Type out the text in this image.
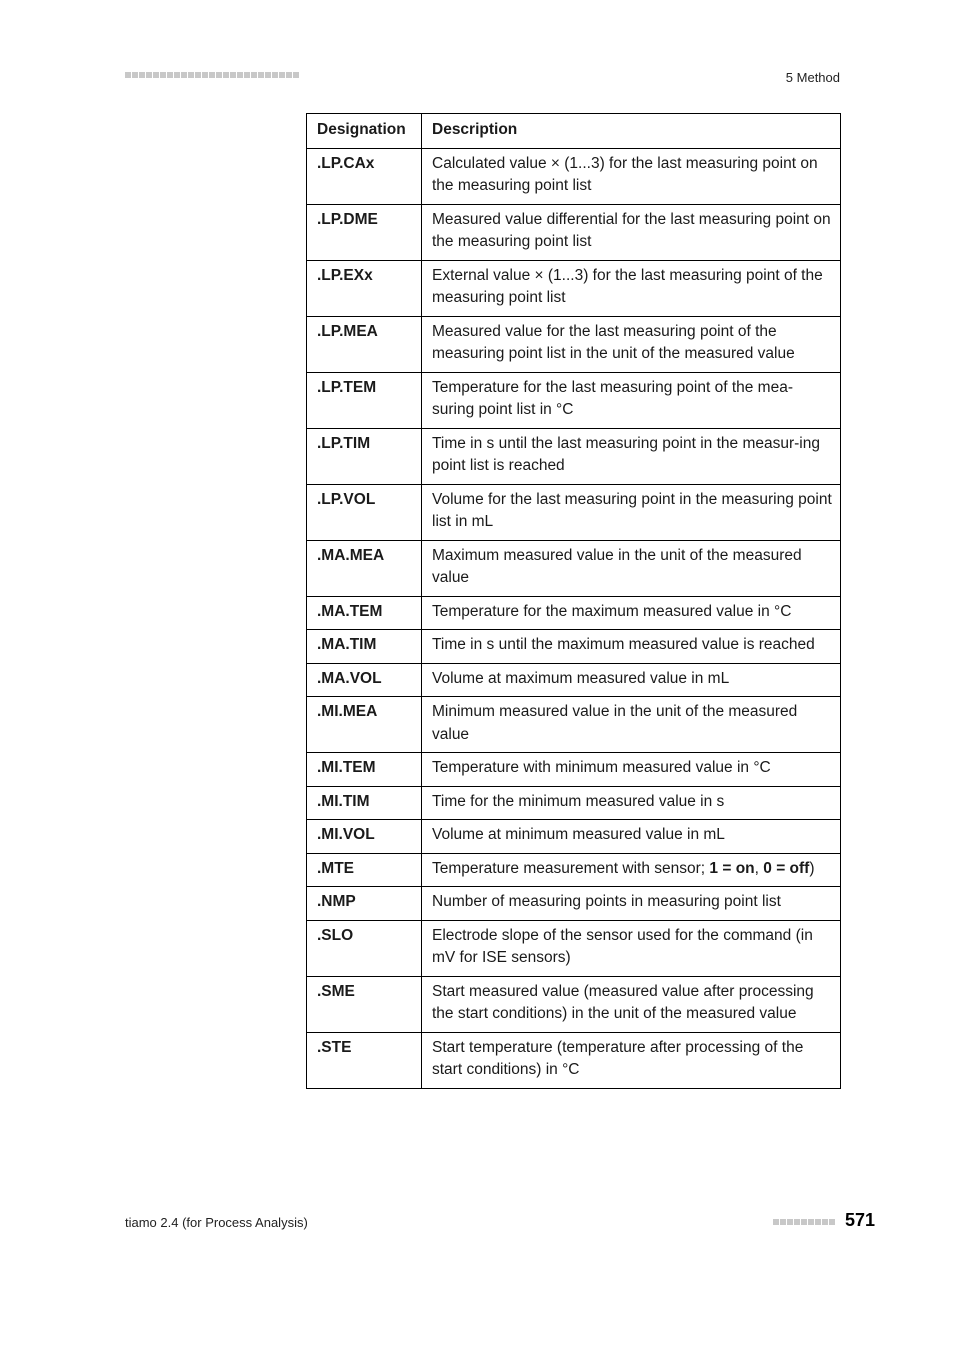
5 Method
Designation	Description
.LP.CAx	Calculated value × (1...3) for the last measuring point on the measuring point list
.LP.DME	Measured value differential for the last measuring point on the measuring point list
.LP.EXx	External value × (1...3) for the last measuring point of the measuring point list
.LP.MEA	Measured value for the last measuring point of the measuring point list in the unit of the measured value
.LP.TEM	Temperature for the last measuring point of the mea-suring point list in °C
.LP.TIM	Time in s until the last measuring point in the measur-ing point list is reached
.LP.VOL	Volume for the last measuring point in the measuring point list in mL
.MA.MEA	Maximum measured value in the unit of the measured value
.MA.TEM	Temperature for the maximum measured value in °C
.MA.TIM	Time in s until the maximum measured value is reached
.MA.VOL	Volume at maximum measured value in mL
.MI.MEA	Minimum measured value in the unit of the measured value
.MI.TEM	Temperature with minimum measured value in °C
.MI.TIM	Time for the minimum measured value in s
.MI.VOL	Volume at minimum measured value in mL
.MTE	Temperature measurement with sensor; 1 = on, 0 = off)
.NMP	Number of measuring points in measuring point list
.SLO	Electrode slope of the sensor used for the command (in mV for ISE sensors)
.SME	Start measured value (measured value after processing the start conditions) in the unit of the measured value
.STE	Start temperature (temperature after processing of the start conditions) in °C
tiamo 2.4 (for Process Analysis)	571
